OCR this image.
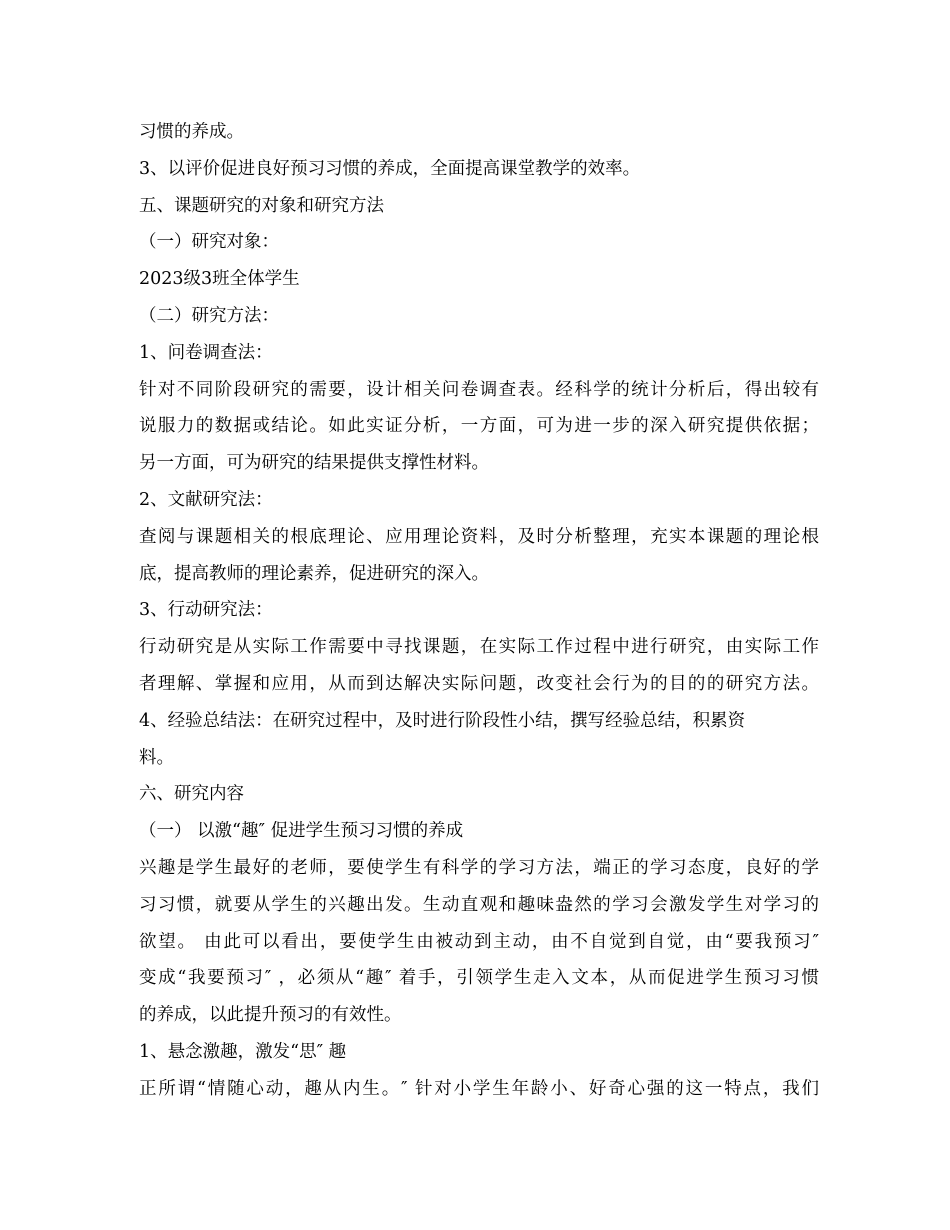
习惯的养成。
3、以评价促进良好预习习惯的养成，全面提高课堂教学的效率。
五、课题研究的对象和研究方法
（一）研究对象：
2023级3班全体学生
（二）研究方法：
1、问卷调查法：
针对不同阶段研究的需要，设计相关问卷调查表。经科学的统计分析后，得出较有
说服力的数据或结论。如此实证分析，一方面，可为进一步的深入研究提供依据；
另一方面，可为研究的结果提供支撑性材料。
2、文献研究法：
查阅与课题相关的根底理论、应用理论资料，及时分析整理，充实本课题的理论根
底，提高教师的理论素养，促进研究的深入。
3、行动研究法：
行动研究是从实际工作需要中寻找课题，在实际工作过程中进行研究，由实际工作
者理解、掌握和应用，从而到达解决实际问题，改变社会行为的目的的研究方法。
4、经验总结法：在研究过程中，及时进行阶段性小结，撰写经验总结，积累资
料。
六、研究内容
（一） 以激“趣″ 促进学生预习习惯的养成
兴趣是学生最好的老师，要使学生有科学的学习方法，端正的学习态度，良好的学
习习惯，就要从学生的兴趣出发。生动直观和趣味盎然的学习会激发学生对学习的
欲望。 由此可以看出，要使学生由被动到主动，由不自觉到自觉，由“要我预习″
变成“我要预习″ ，必须从“趣″ 着手，引领学生走入文本，从而促进学生预习习惯
的养成，以此提升预习的有效性。
1、悬念激趣，激发“思″ 趣
正所谓“情随心动，趣从内生。″ 针对小学生年龄小、好奇心强的这一特点，我们
